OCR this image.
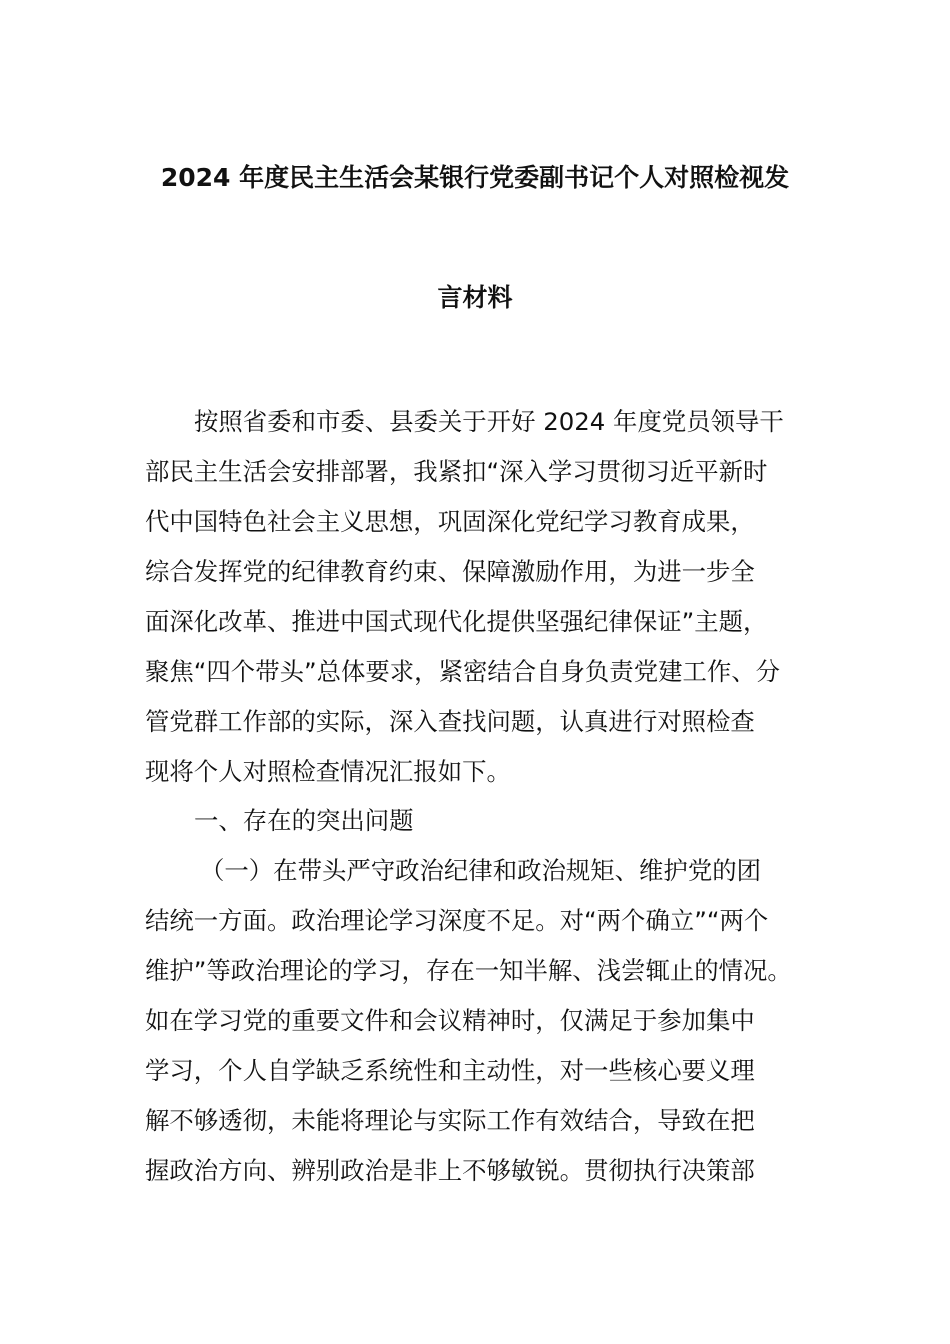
2024 年度民主生活会某银行党委副书记个人对照检视发
言材料
按照省委和市委、县委关于开好 2024 年度党员领导干
部民主生活会安排部署，我紧扣“深入学习贯彻习近平新时
代中国特色社会主义思想，巩固深化党纪学习教育成果，
综合发挥党的纪律教育约束、保障激励作用，为进一步全
面深化改革、推进中国式现代化提供坚强纪律保证”主题，
聚焦“四个带头”总体要求，紧密结合自身负责党建工作、分
管党群工作部的实际，深入查找问题，认真进行对照检查
现将个人对照检查情况汇报如下。
一、存在的突出问题
（一）在带头严守政治纪律和政治规矩、维护党的团
结统一方面。政治理论学习深度不足。对“两个确立”“两个
维护”等政治理论的学习，存在一知半解、浅尝辄止的情况。
如在学习党的重要文件和会议精神时，仅满足于参加集中
学习，个人自学缺乏系统性和主动性，对一些核心要义理
解不够透彻，未能将理论与实际工作有效结合，导致在把
握政治方向、辨别政治是非上不够敏锐。贯彻执行决策部
